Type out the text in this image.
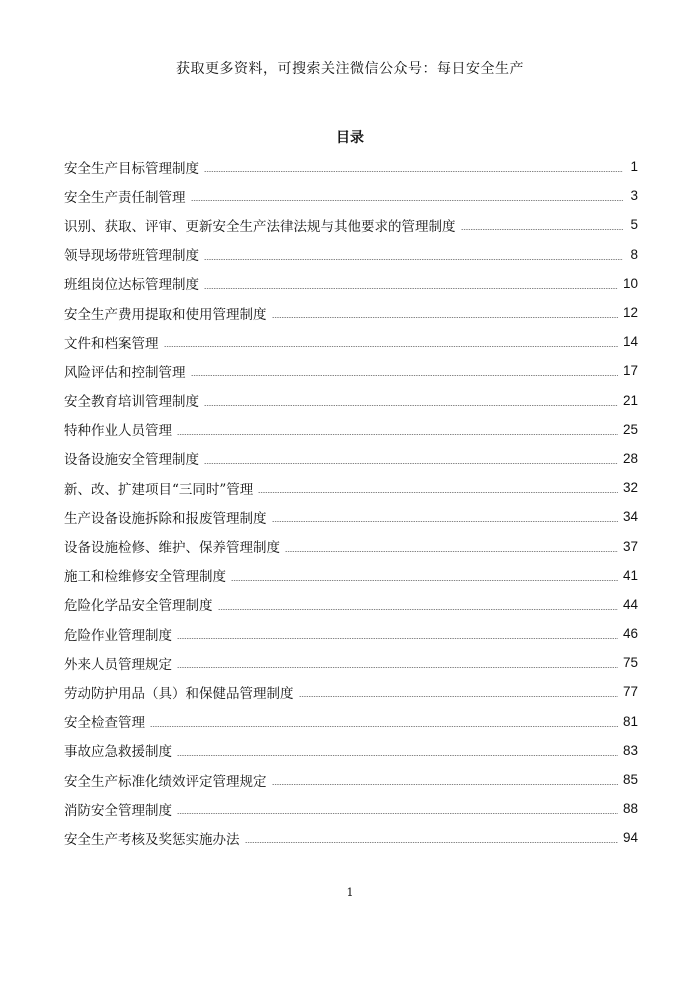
获取更多资料，可搜索关注微信公众号：每日安全生产
目录
安全生产目标管理制度	1
安全生产责任制管理	3
识别、获取、评审、更新安全生产法律法规与其他要求的管理制度	5
领导现场带班管理制度	8
班组岗位达标管理制度	10
安全生产费用提取和使用管理制度	12
文件和档案管理	14
风险评估和控制管理	17
安全教育培训管理制度	21
特种作业人员管理	25
设备设施安全管理制度	28
新、改、扩建项目“三同时”管理	32
生产设备设施拆除和报废管理制度	34
设备设施检修、维护、保养管理制度	37
施工和检维修安全管理制度	41
危险化学品安全管理制度	44
危险作业管理制度	46
外来人员管理规定	75
劳动防护用品（具）和保健品管理制度	77
安全检查管理	81
事故应急救援制度	83
安全生产标准化绩效评定管理规定	85
消防安全管理制度	88
安全生产考核及奖惩实施办法	94
1
